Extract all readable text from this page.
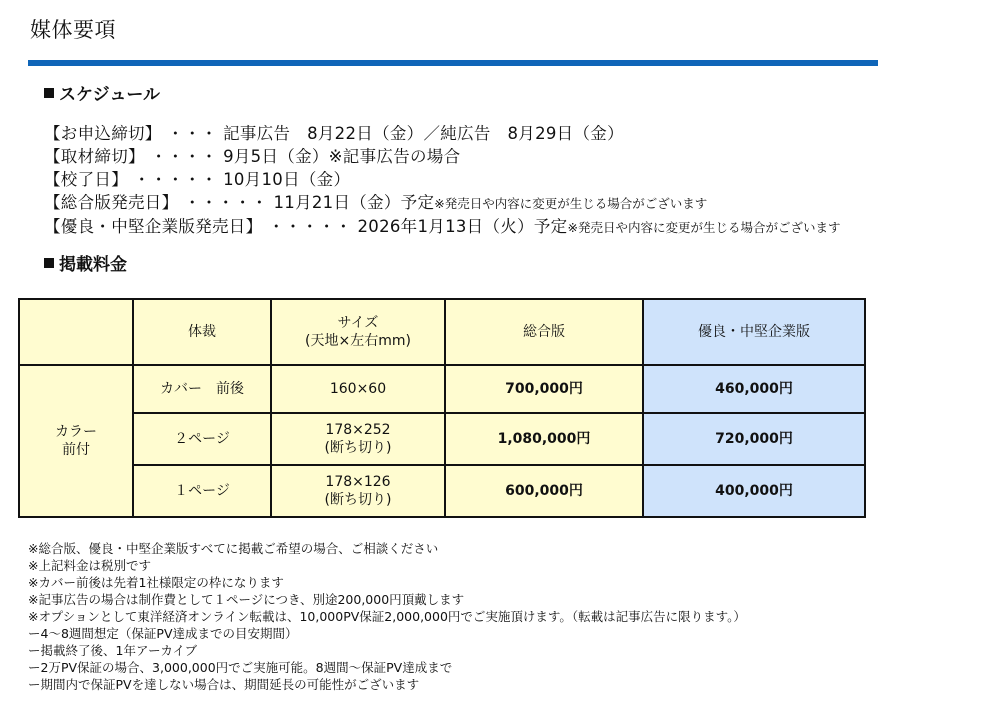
媒体要項
スケジュール
【お申込締切】 ・・・ 記事広告　8月22日（金）／純広告　8月29日（金）
【取材締切】 ・・・・ 9月5日（金）※記事広告の場合
【校了日】 ・・・・・ 10月10日（金）
【総合版発売日】 ・・・・・ 11月21日（金）予定※発売日や内容に変更が生じる場合がございます
【優良・中堅企業版発売日】 ・・・・・ 2026年1月13日（火）予定※発売日や内容に変更が生じる場合がございます
掲載料金
	体裁	サイズ
(天地×左右mm)	総合版	優良・中堅企業版

カラー
前付	カバー　前後	160×60	700,000円	460,000円
	２ページ	178×252
(断ち切り)	1,080,000円	720,000円
	１ページ	178×126
(断ち切り)	600,000円	400,000円
※総合版、優良・中堅企業版すべてに掲載ご希望の場合、ご相談ください
※上記料金は税別です
※カバー前後は先着1社様限定の枠になります
※記事広告の場合は制作費として１ページにつき、別途200,000円頂戴します
※オプションとして東洋経済オンライン転載は、10,000PV保証2,000,000円でご実施頂けます。（転載は記事広告に限ります。）
ー4～8週間想定（保証PV達成までの目安期間）
ー掲載終了後、1年アーカイブ
ー2万PV保証の場合、3,000,000円でご実施可能。8週間～保証PV達成まで
ー期間内で保証PVを達しない場合は、期間延長の可能性がございます
